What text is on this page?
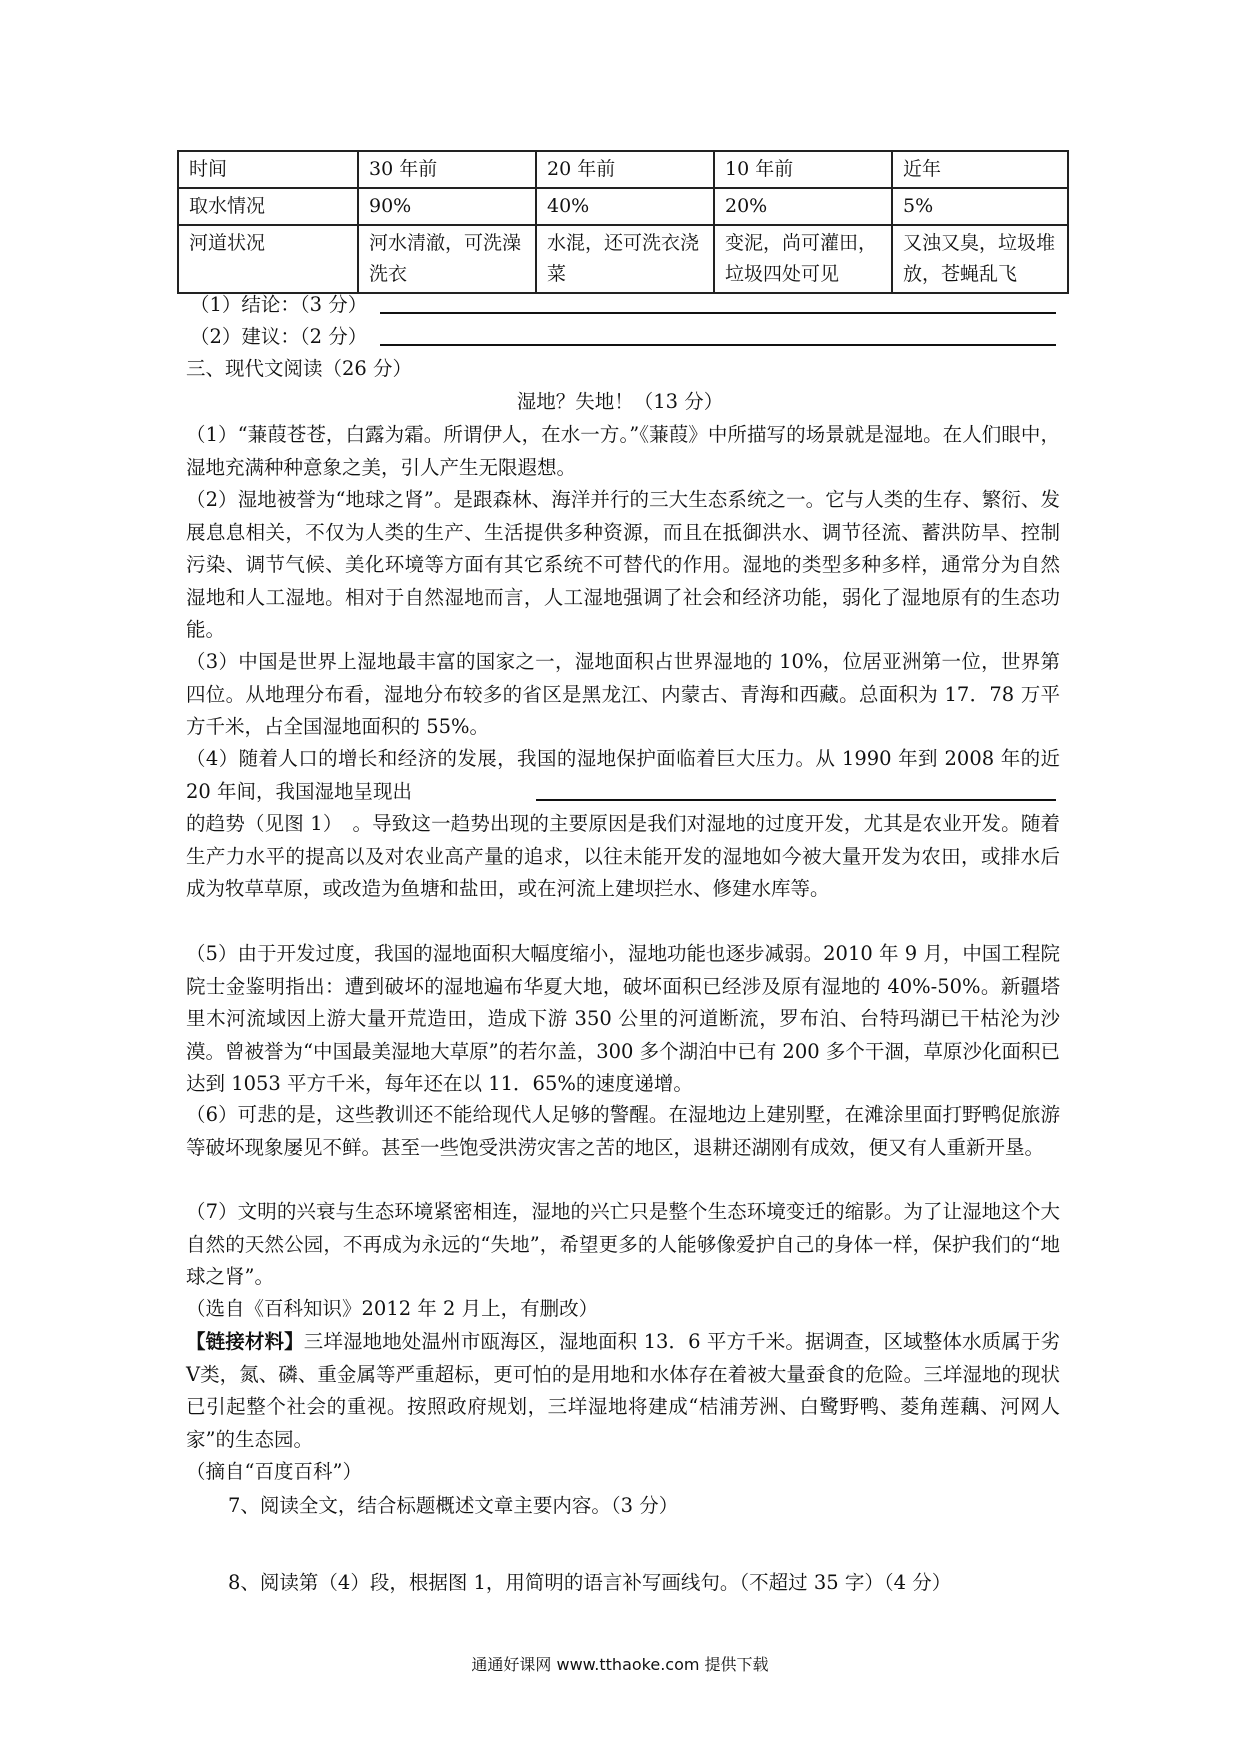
时间	30 年前	20 年前	10 年前	近年
取水情况	90%	40%	20%	5%
河道状况	河水清澈，可洗澡洗衣	水混，还可洗衣浇菜	变泥，尚可灌田，垃圾四处可见	又浊又臭，垃圾堆放，苍蝇乱飞
（1）结论：（3 分）
（2）建议：（2 分）
三、现代文阅读（26 分）
湿地？失地！（13 分）
（1）“蒹葭苍苍，白露为霜。所谓伊人，在水一方。”《蒹葭》中所描写的场景就是湿地。在人们眼中，湿地充满种种意象之美，引人产生无限遐想。
（2）湿地被誉为“地球之肾”。是跟森林、海洋并行的三大生态系统之一。它与人类的生存、繁衍、发展息息相关，不仅为人类的生产、生活提供多种资源，而且在抵御洪水、调节径流、蓄洪防旱、控制污染、调节气候、美化环境等方面有其它系统不可替代的作用。湿地的类型多种多样，通常分为自然湿地和人工湿地。相对于自然湿地而言，人工湿地强调了社会和经济功能，弱化了湿地原有的生态功能。
（3）中国是世界上湿地最丰富的国家之一，湿地面积占世界湿地的 10%，位居亚洲第一位，世界第四位。从地理分布看，湿地分布较多的省区是黑龙江、内蒙古、青海和西藏。总面积为 17．78 万平方千米，占全国湿地面积的 55%。
（4）随着人口的增长和经济的发展，我国的湿地保护面临着巨大压力。从 1990 年到 2008 年的近 20 年间，我国湿地呈现出
的趋势（见图 1）　。导致这一趋势出现的主要原因是我们对湿地的过度开发，尤其是农业开发。随着生产力水平的提高以及对农业高产量的追求，以往未能开发的湿地如今被大量开发为农田，或排水后成为牧草草原，或改造为鱼塘和盐田，或在河流上建坝拦水、修建水库等。
（5）由于开发过度，我国的湿地面积大幅度缩小，湿地功能也逐步减弱。2010 年 9 月，中国工程院院士金鉴明指出：遭到破坏的湿地遍布华夏大地，破坏面积已经涉及原有湿地的 40%-50%。新疆塔里木河流域因上游大量开荒造田，造成下游 350 公里的河道断流，罗布泊、台特玛湖已干枯沦为沙漠。曾被誉为“中国最美湿地大草原”的若尔盖，300 多个湖泊中已有 200 多个干涸，草原沙化面积已达到 1053 平方千米，每年还在以 11．65%的速度递增。
（6）可悲的是，这些教训还不能给现代人足够的警醒。在湿地边上建别墅，在滩涂里面打野鸭促旅游等破坏现象屡见不鲜。甚至一些饱受洪涝灾害之苦的地区，退耕还湖刚有成效，便又有人重新开垦。
（7）文明的兴衰与生态环境紧密相连，湿地的兴亡只是整个生态环境变迁的缩影。为了让湿地这个大自然的天然公园，不再成为永远的“失地”，希望更多的人能够像爱护自己的身体一样，保护我们的“地球之肾”。
（选自《百科知识》2012 年 2 月上，有删改）
【链接材料】三垟湿地地处温州市瓯海区，湿地面积 13．6 平方千米。据调查，区域整体水质属于劣Ⅴ类，氮、磷、重金属等严重超标，更可怕的是用地和水体存在着被大量蚕食的危险。三垟湿地的现状已引起整个社会的重视。按照政府规划，三垟湿地将建成“桔浦芳洲、白鹭野鸭、菱角莲藕、河网人家”的生态园。
（摘自“百度百科”）
7、阅读全文，结合标题概述文章主要内容。（3 分）
8、阅读第（4）段，根据图 1，用简明的语言补写画线句。（不超过 35 字）（4 分）
通通好课网 www.tthaoke.com 提供下载
